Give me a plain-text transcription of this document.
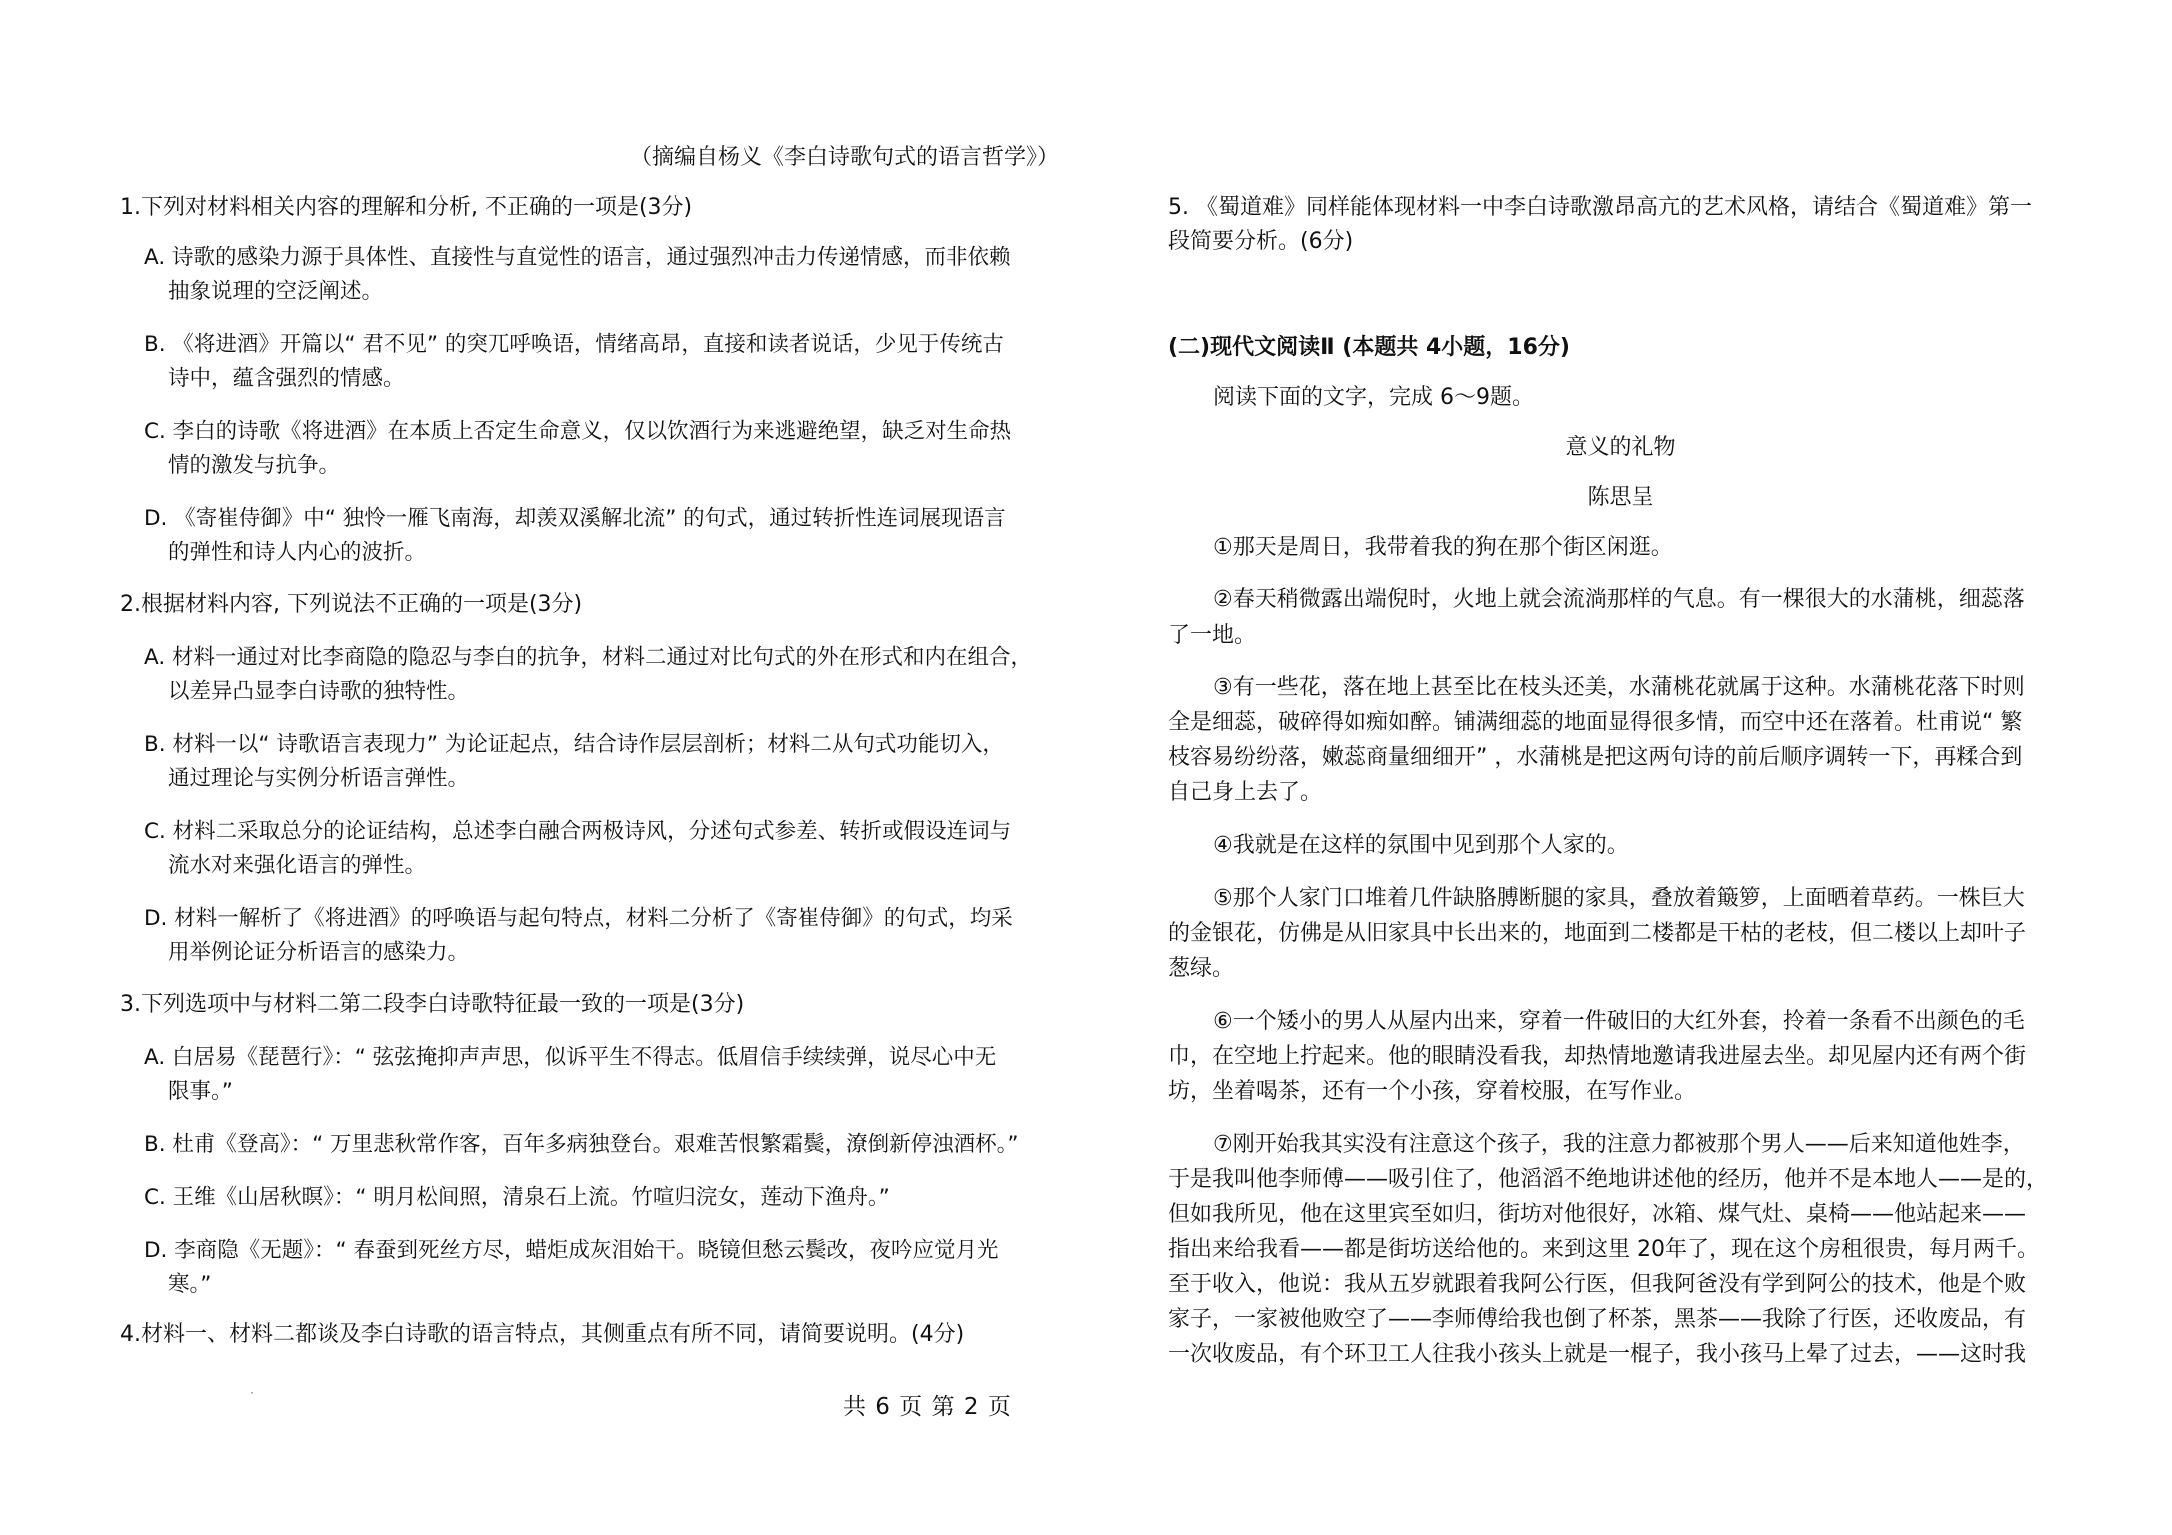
（摘编自杨义《李白诗歌句式的语言哲学》）
1.下列对材料相关内容的理解和分析, 不正确的一项是(3分)
A. 诗歌的感染力源于具体性、直接性与直觉性的语言，通过强烈冲击力传递情感，而非依赖
抽象说理的空泛阐述。
B. 《将进酒》开篇以“ 君不见” 的突兀呼唤语，情绪高昂，直接和读者说话，少见于传统古
诗中，蕴含强烈的情感。
C. 李白的诗歌《将进酒》在本质上否定生命意义，仅以饮酒行为来逃避绝望，缺乏对生命热
情的激发与抗争。
D. 《寄崔侍御》中“ 独怜一雁飞南海，却羡双溪解北流” 的句式，通过转折性连词展现语言
的弹性和诗人内心的波折。
2.根据材料内容, 下列说法不正确的一项是(3分)
A. 材料一通过对比李商隐的隐忍与李白的抗争，材料二通过对比句式的外在形式和内在组合，
以差异凸显李白诗歌的独特性。
B. 材料一以“ 诗歌语言表现力” 为论证起点，结合诗作层层剖析；材料二从句式功能切入，
通过理论与实例分析语言弹性。
C. 材料二采取总分的论证结构，总述李白融合两极诗风，分述句式参差、转折或假设连词与
流水对来强化语言的弹性。
D. 材料一解析了《将进酒》的呼唤语与起句特点，材料二分析了《寄崔侍御》的句式，均采
用举例论证分析语言的感染力。
3.下列选项中与材料二第二段李白诗歌特征最一致的一项是(3分)
A. 白居易《琵琶行》：“ 弦弦掩抑声声思，似诉平生不得志。低眉信手续续弹，说尽心中无
限事。”
B. 杜甫《登高》：“ 万里悲秋常作客，百年多病独登台。艰难苦恨繁霜鬓，潦倒新停浊酒杯。”
C. 王维《山居秋暝》：“ 明月松间照，清泉石上流。竹喧归浣女，莲动下渔舟。”
D. 李商隐《无题》：“ 春蚕到死丝方尽，蜡炬成灰泪始干。晓镜但愁云鬓改，夜吟应觉月光
寒。”
4.材料一、材料二都谈及李白诗歌的语言特点，其侧重点有所不同，请简要说明。(4分)
·
5. 《蜀道难》同样能体现材料一中李白诗歌激昂高亢的艺术风格，请结合《蜀道难》第一
段简要分析。(6分)
(二)现代文阅读Ⅱ (本题共 4小题，16分)
阅读下面的文字，完成 6～9题。
意义的礼物
陈思呈
①那天是周日，我带着我的狗在那个街区闲逛。
②春天稍微露出端倪时，火地上就会流淌那样的气息。有一棵很大的水蒲桃，细蕊落
了一地。
③有一些花，落在地上甚至比在枝头还美，水蒲桃花就属于这种。水蒲桃花落下时则
全是细蕊，破碎得如痴如醉。铺满细蕊的地面显得很多情，而空中还在落着。杜甫说“ 繁
枝容易纷纷落，嫩蕊商量细细开” ，水蒲桃是把这两句诗的前后顺序调转一下，再糅合到
自己身上去了。
④我就是在这样的氛围中见到那个人家的。
⑤那个人家门口堆着几件缺胳膊断腿的家具，叠放着簸箩，上面晒着草药。一株巨大
的金银花，仿佛是从旧家具中长出来的，地面到二楼都是干枯的老枝，但二楼以上却叶子
葱绿。
⑥一个矮小的男人从屋内出来，穿着一件破旧的大红外套，拎着一条看不出颜色的毛
巾，在空地上拧起来。他的眼睛没看我，却热情地邀请我进屋去坐。却见屋内还有两个街
坊，坐着喝茶，还有一个小孩，穿着校服，在写作业。
⑦刚开始我其实没有注意这个孩子，我的注意力都被那个男人——后来知道他姓李，
于是我叫他李师傅——吸引住了，他滔滔不绝地讲述他的经历，他并不是本地人——是的，
但如我所见，他在这里宾至如归，街坊对他很好，冰箱、煤气灶、桌椅——他站起来——
指出来给我看——都是街坊送给他的。来到这里 20年了，现在这个房租很贵，每月两千。
至于收入，他说：我从五岁就跟着我阿公行医，但我阿爸没有学到阿公的技术，他是个败
家子，一家被他败空了——李师傅给我也倒了杯茶，黑茶——我除了行医，还收废品，有
一次收废品，有个环卫工人往我小孩头上就是一棍子，我小孩马上晕了过去，——这时我
共 6 页 第 2 页
